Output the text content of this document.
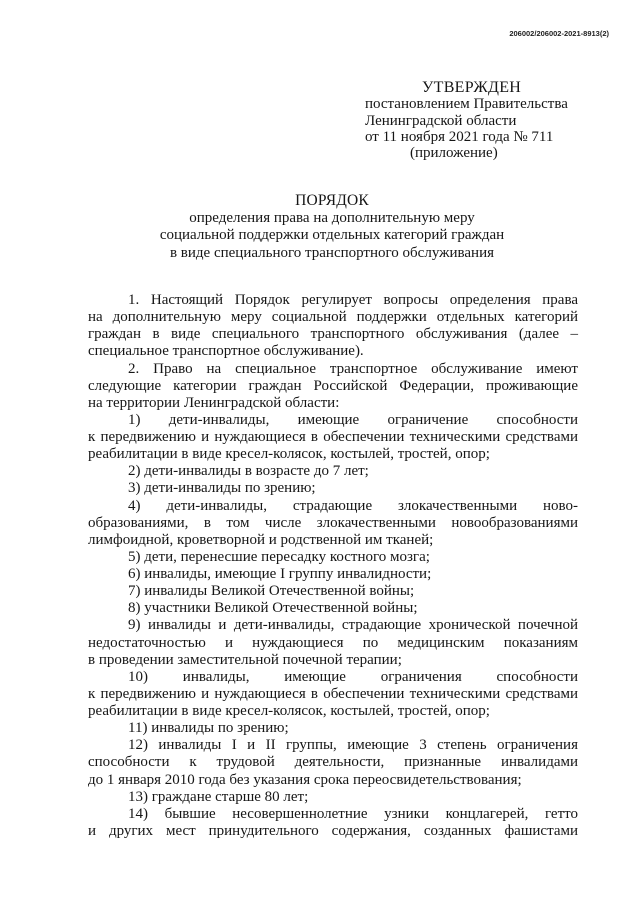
206002/206002-2021-8913(2)
УТВЕРЖДЕН
постановлением Правительства
Ленинградской области
от 11 ноября 2021 года № 711
(приложение)
ПОРЯДОК
определения права на дополнительную меру
социальной поддержки отдельных категорий граждан
в виде специального транспортного обслуживания
1. Настоящий Порядок регулирует вопросы определения права
на дополнительную меру социальной поддержки отдельных категорий
граждан в виде специального транспортного обслуживания (далее –
специальное транспортное обслуживание).
2. Право на специальное транспортное обслуживание имеют
следующие категории граждан Российской Федерации, проживающие
на территории Ленинградской области:
1) дети-инвалиды, имеющие ограничение способности
к передвижению и нуждающиеся в обеспечении техническими средствами
реабилитации в виде кресел-колясок, костылей, тростей, опор;
2) дети-инвалиды в возрасте до 7 лет;
3) дети-инвалиды по зрению;
4) дети-инвалиды, страдающие злокачественными ново-
образованиями, в том числе злокачественными новообразованиями
лимфоидной, кроветворной и родственной им тканей;
5) дети, перенесшие пересадку костного мозга;
6) инвалиды, имеющие I группу инвалидности;
7) инвалиды Великой Отечественной войны;
8) участники Великой Отечественной войны;
9) инвалиды и дети-инвалиды, страдающие хронической почечной
недостаточностью и нуждающиеся по медицинским показаниям
в проведении заместительной почечной терапии;
10) инвалиды, имеющие ограничения способности
к передвижению и нуждающиеся в обеспечении техническими средствами
реабилитации в виде кресел-колясок, костылей, тростей, опор;
11) инвалиды по зрению;
12) инвалиды I и II группы, имеющие 3 степень ограничения
способности к трудовой деятельности, признанные инвалидами
до 1 января 2010 года без указания срока переосвидетельствования;
13) граждане старше 80 лет;
14) бывшие несовершеннолетние узники концлагерей, гетто
и других мест принудительного содержания, созданных фашистами
